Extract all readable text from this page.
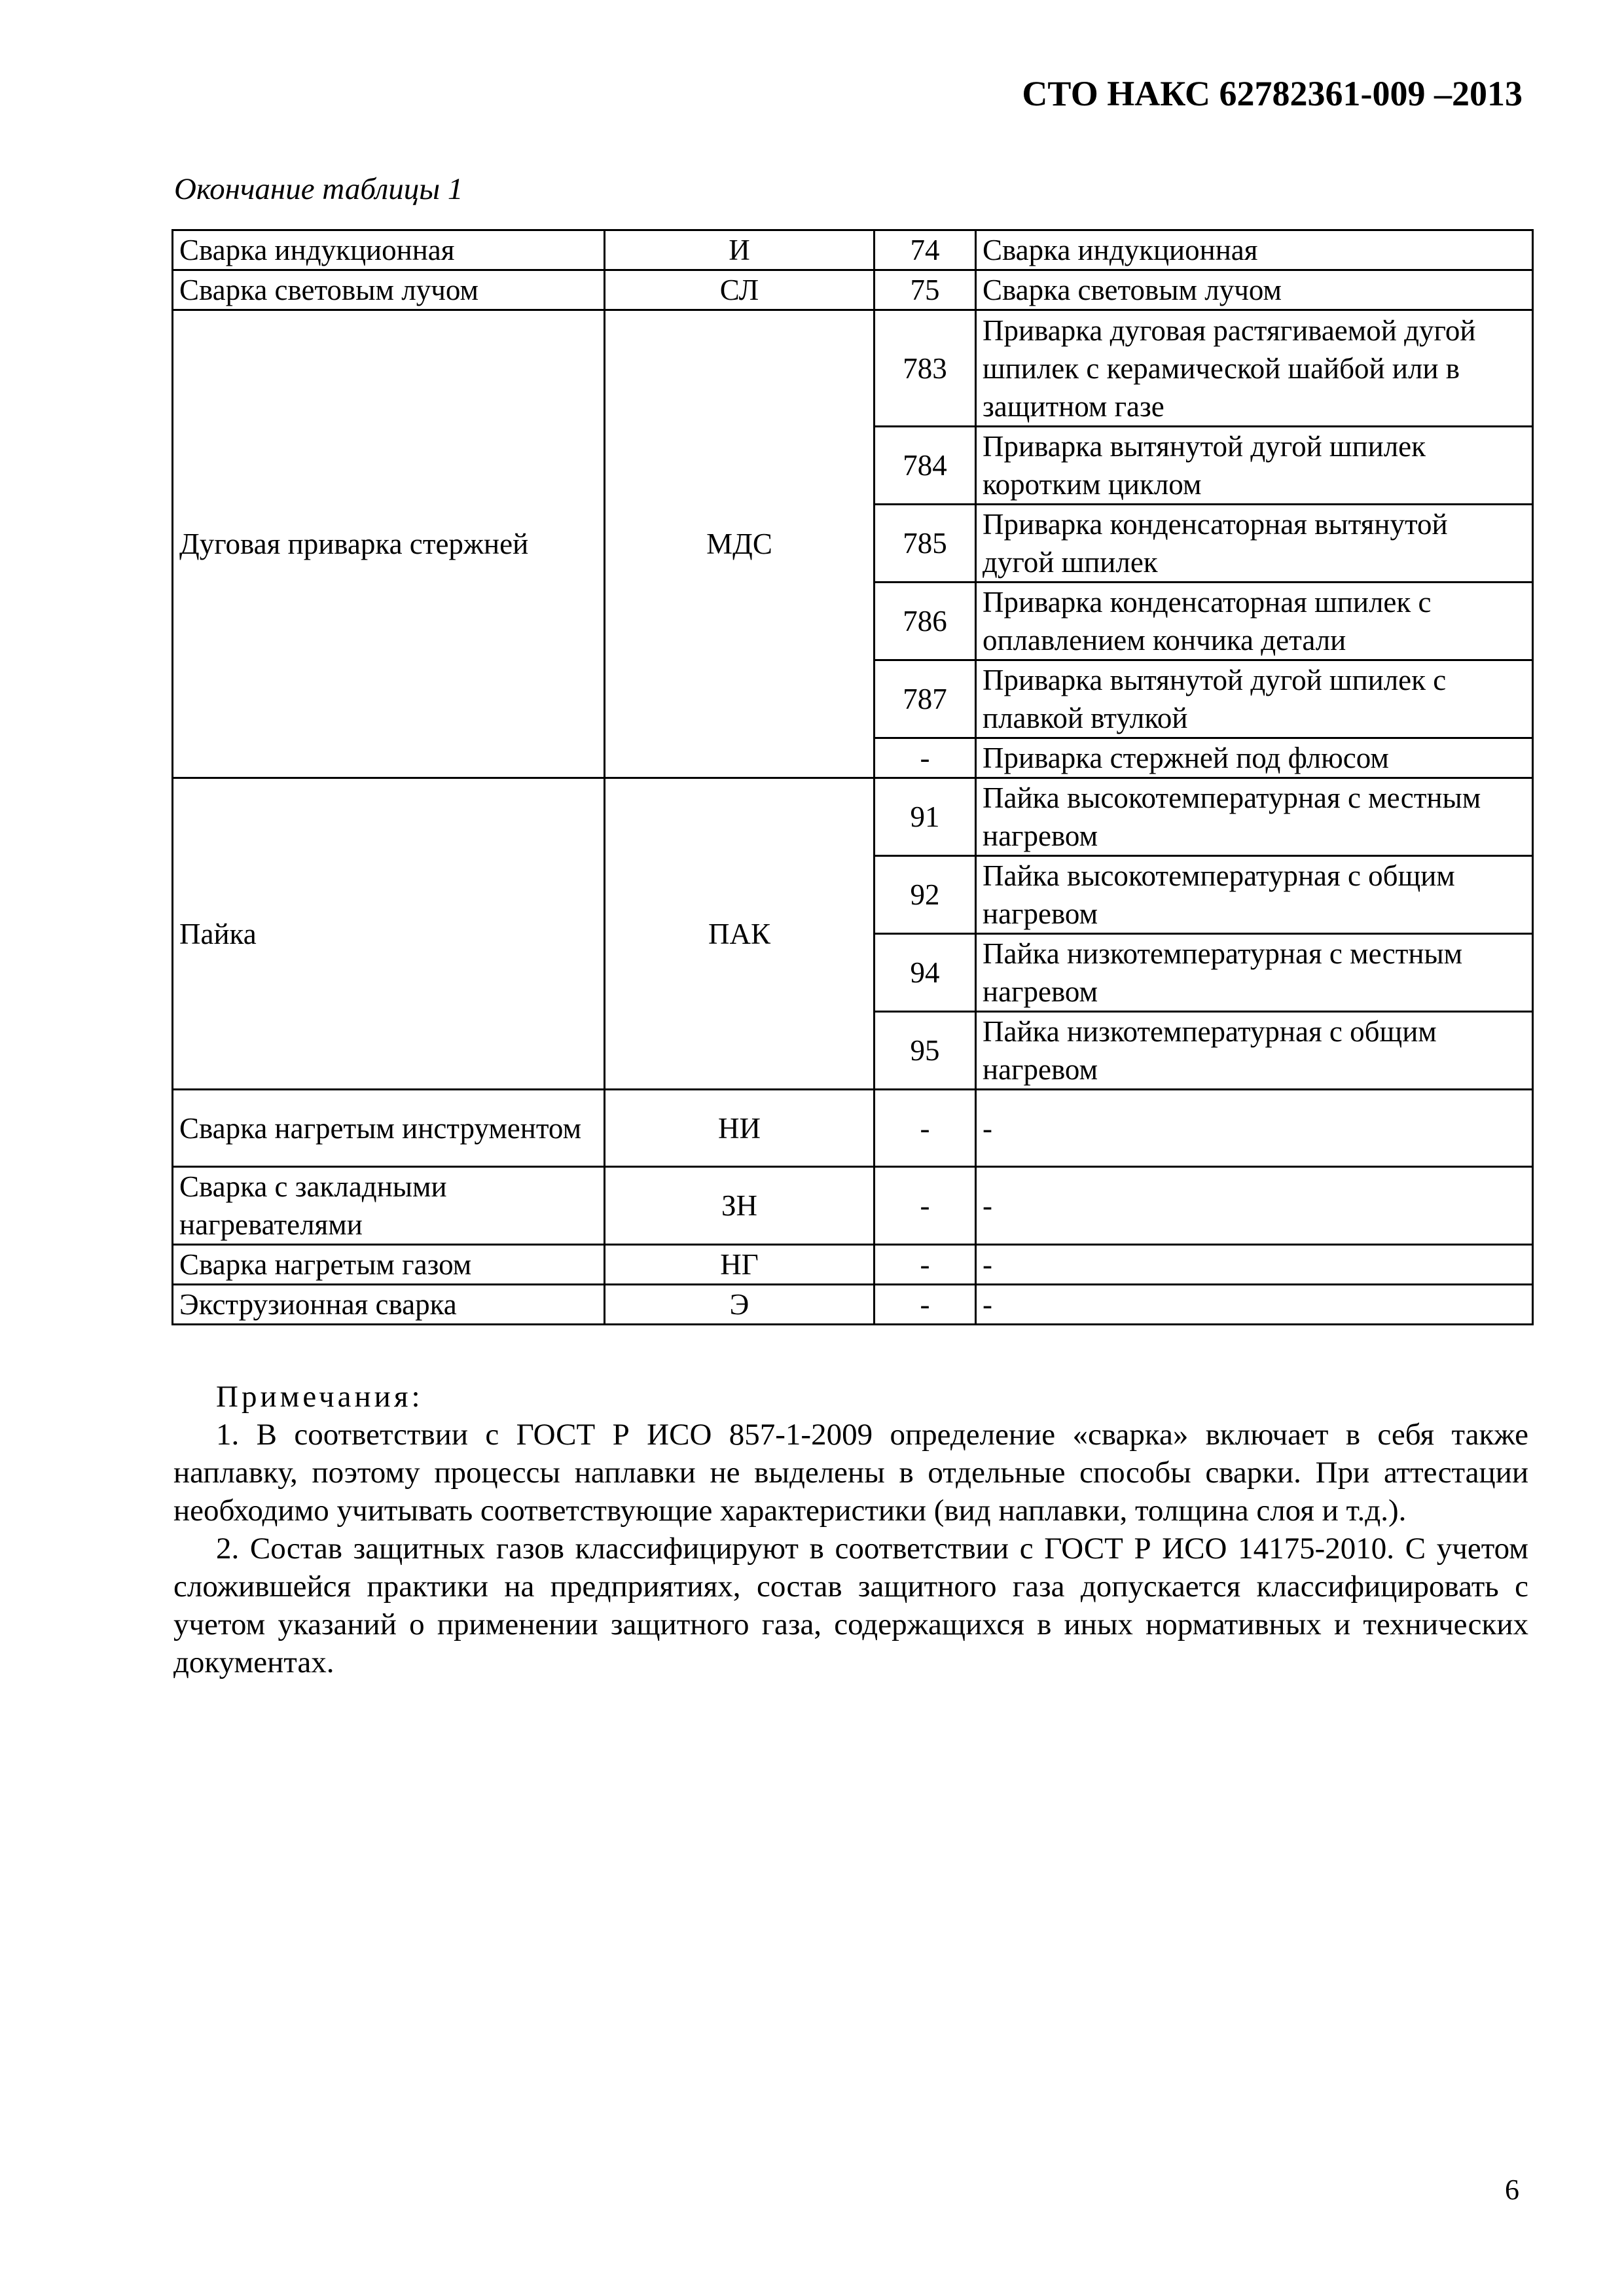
СТО НАКС 62782361-009 –2013
Окончание таблицы 1
Сварка индукционная	И	74	Сварка индукционная
Сварка световым лучом	СЛ	75	Сварка световым лучом
Дуговая приварка стержней	МДС	783	Приварка дуговая растягиваемой дугой шпилек с керамической шайбой или в защитном газе
		784	Приварка вытянутой дугой шпилек коротким циклом
		785	Приварка конденсаторная вытянутой дугой шпилек
		786	Приварка конденсаторная шпилек с оплавлением кончика детали
		787	Приварка вытянутой дугой шпилек с плавкой втулкой
		-	Приварка стержней под флюсом
Пайка	ПАК	91	Пайка высокотемпературная с местным нагревом
		92	Пайка высокотемпературная с общим нагревом
		94	Пайка низкотемпературная с местным нагревом
		95	Пайка низкотемпературная с общим нагревом
Сварка нагретым инструментом	НИ	-	-
Сварка с закладными нагревателями	ЗН	-	-
Сварка нагретым газом	НГ	-	-
Экструзионная сварка	Э	-	-
Примечания:

1. В соответствии с ГОСТ Р ИСО 857-1-2009 определение «сварка» включает в себя также наплавку, поэтому процессы наплавки не выделены в отдельные способы сварки. При аттестации необходимо учитывать соответствующие характеристики (вид наплавки, толщина слоя и т.д.).

2. Состав защитных газов классифицируют в соответствии с ГОСТ Р ИСО 14175-2010. С учетом сложившейся практики на предприятиях, состав защитного газа допускается классифицировать с учетом указаний о применении защитного газа, содержащихся в иных нормативных и технических документах.

6
